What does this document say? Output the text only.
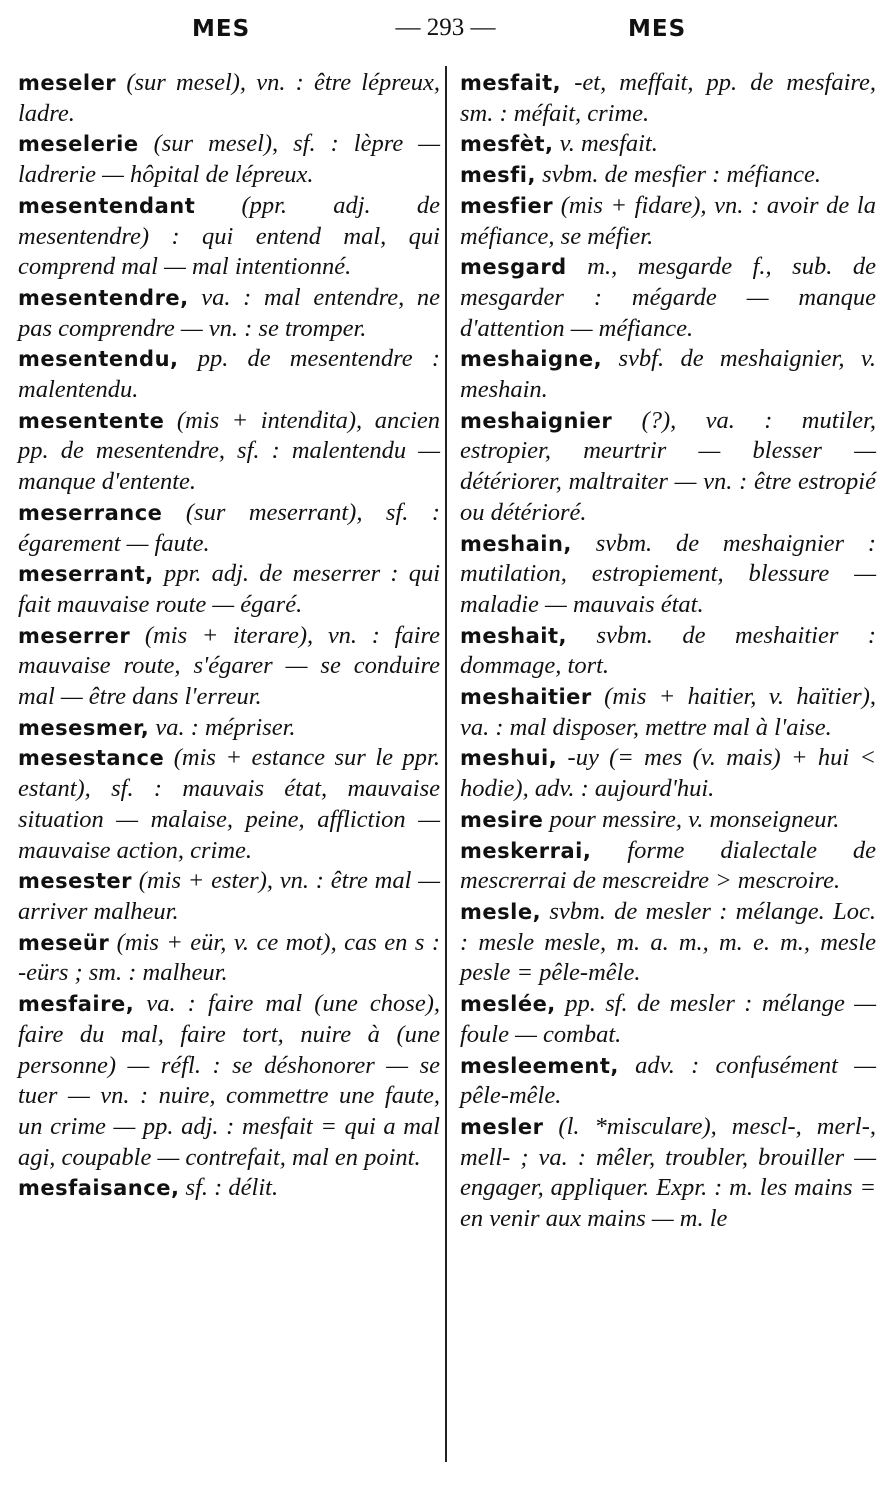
MES	— 293 —	MES

meseler (sur mesel), vn. : être lépreux, ladre.

meselerie (sur mesel), sf. : lèpre — ladrerie — hôpital de lépreux.

mesentendant (ppr. adj. de mesentendre) : qui entend mal, qui comprend mal — mal intentionné.

mesentendre, va. : mal entendre, ne pas comprendre — vn. : se tromper.

mesentendu, pp. de mesentendre : malentendu.

mesentente (mis + intendita), ancien pp. de mesentendre, sf. : malentendu — manque d'entente.

meserrance (sur meserrant), sf. : égarement — faute.

meserrant, ppr. adj. de meserrer : qui fait mauvaise route — égaré.

meserrer (mis + iterare), vn. : faire mauvaise route, s'égarer — se conduire mal — être dans l'erreur.

mesesmer, va. : mépriser.

mesestance (mis + estance sur le ppr. estant), sf. : mauvais état, mauvaise situation — malaise, peine, affliction — mauvaise action, crime.

mesester (mis + ester), vn. : être mal — arriver malheur.

meseür (mis + eür, v. ce mot), cas en s : -eürs ; sm. : malheur.

mesfaire, va. : faire mal (une chose), faire du mal, faire tort, nuire à (une personne) — réfl. : se déshonorer — se tuer — vn. : nuire, commettre une faute, un crime — pp. adj. : mesfait = qui a mal agi, coupable — contrefait, mal en point.

mesfaisance, sf. : délit.

mesfait, -et, meffait, pp. de mesfaire, sm. : méfait, crime.

mesfèt, v. mesfait.

mesfi, svbm. de mesfier : méfiance.

mesfier (mis + fidare), vn. : avoir de la méfiance, se méfier.

mesgard m., mesgarde f., sub. de mesgarder : mégarde — manque d'attention — méfiance.

meshaigne, svbf. de meshaignier, v. meshain.

meshaignier (?), va. : mutiler, estropier, meurtrir — blesser — détériorer, maltraiter — vn. : être estropié ou détérioré.

meshain, svbm. de meshaignier : mutilation, estropiement, blessure — maladie — mauvais état.

meshait, svbm. de meshaitier : dommage, tort.

meshaitier (mis + haitier, v. haïtier), va. : mal disposer, mettre mal à l'aise.

meshui, -uy (= mes (v. mais) + hui < hodie), adv. : aujourd'hui.

mesire pour messire, v. monseigneur.

meskerrai, forme dialectale de mescrerrai de mescreidre > mescroire.

mesle, svbm. de mesler : mélange. Loc. : mesle mesle, m. a. m., m. e. m., mesle pesle = pêle-mêle.

meslée, pp. sf. de mesler : mélange — foule — combat.

mesleement, adv. : confusément — pêle-mêle.

mesler (l. *misculare), mescl-, merl-, mell- ; va. : mêler, troubler, brouiller — engager, appliquer. Expr. : m. les mains = en venir aux mains — m. le
